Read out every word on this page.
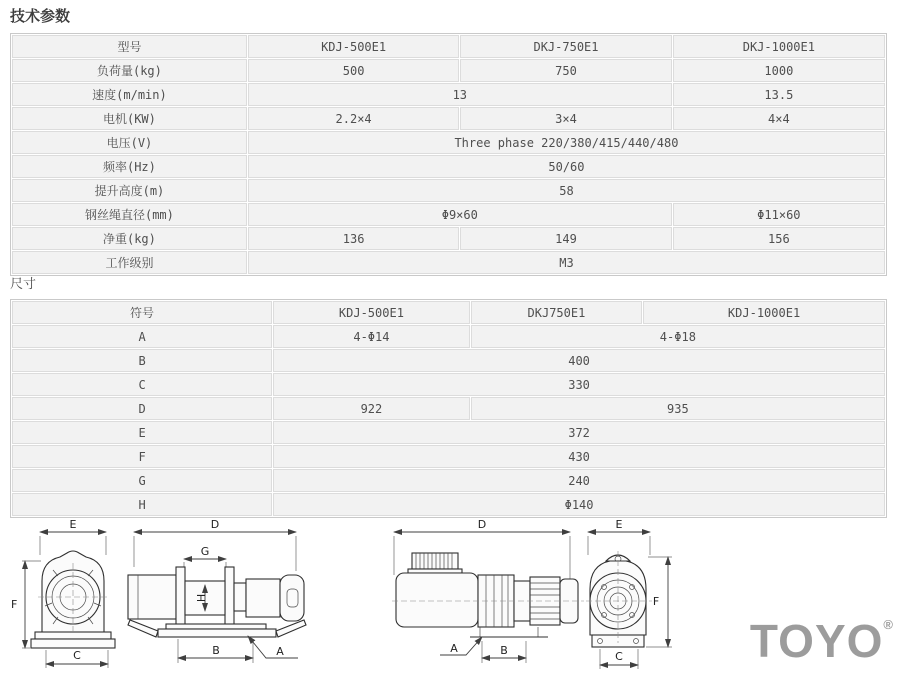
技术参数
型号	KDJ-500E1	DKJ-750E1	DKJ-1000E1
负荷量(kg)	500	750	1000
速度(m/min)	13		13.5
电机(KW)	2.2×4	3×4	4×4
电压(V)	Three phase 220/380/415/440/480		
频率(Hz)	50/60		
提升高度(m)	58		
钢丝绳直径(mm)	Φ9×60		Φ11×60
净重(kg)	136	149	156
工作级别	M3		
尺寸
符号	KDJ-500E1	DKJ750E1	KDJ-1000E1
A	4-Φ14	4-Φ18	
B	400		
C	330		
D	922	935	
E	372		
F	430		
G	240		
H	Φ140		
E
F
C
D
G
H
B	A
D
A	B
E
F
C	TOYO®
